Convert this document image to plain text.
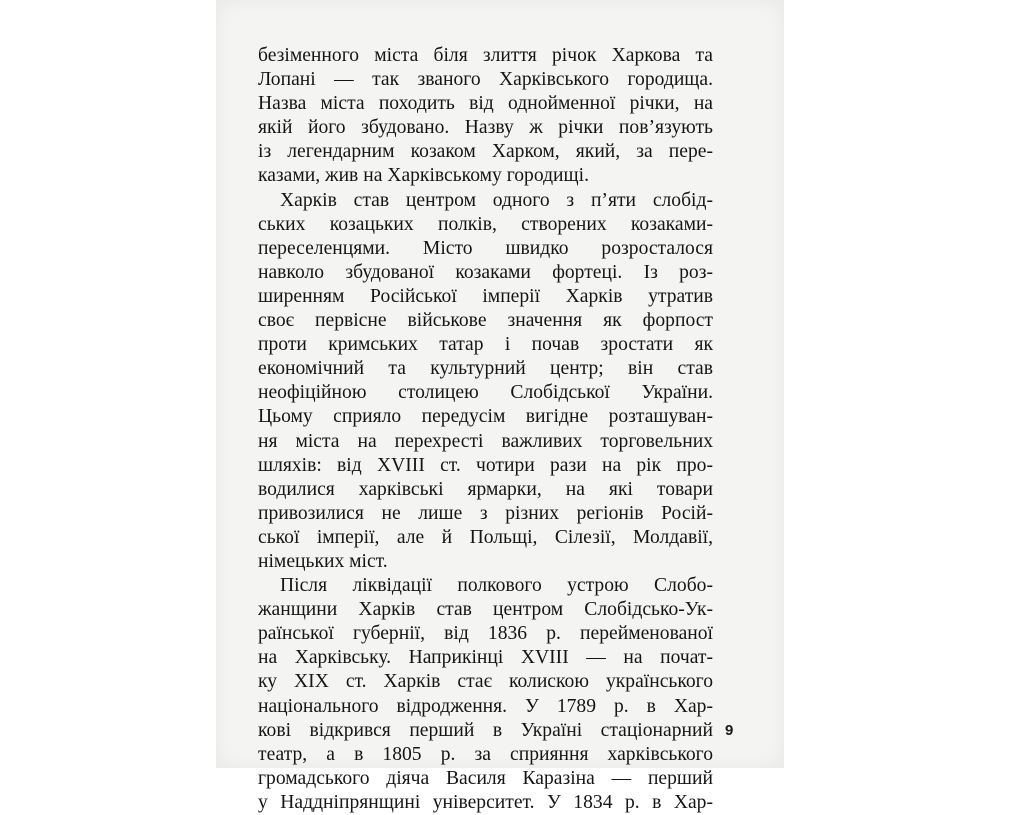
безіменного міста біля злиття річок Харкова та
Лопані — так званого Харківського городища.
Назва міста походить від однойменної річки, на
якій його збудовано. Назву ж річки пов’язують
із легендарним козаком Харком, який, за пере-
казами, жив на Харківському городищі.
Харків став центром одного з п’яти слобід-
ських козацьких полків, створених козаками-
переселенцями. Місто швидко розросталося
навколо збудованої козаками фортеці. Із роз-
ширенням Російської імперії Харків утратив
своє первісне військове значення як форпост
проти кримських татар і почав зростати як
економічний та культурний центр; він став
неофіційною столицею Слобідської України.
Цьому сприяло передусім вигідне розташуван-
ня міста на перехресті важливих торговельних
шляхів: від XVIII ст. чотири рази на рік про-
водилися харківські ярмарки, на які товари
привозилися не лише з різних регіонів Росій-
ської імперії, але й Польщі, Сілезії, Молдавії,
німецьких міст.
Після ліквідації полкового устрою Слобо-
жанщини Харків став центром Слобідсько-Ук-
раїнської губернії, від 1836 р. перейменованої
на Харківську. Наприкінці XVIII — на почат-
ку XIX ст. Харків стає колискою українського
національного відродження. У 1789 р. в Хар-
кові відкрився перший в Україні стаціонарний
театр, а в 1805 р. за сприяння харківського
громадського діяча Василя Каразіна — перший
у Наддніпрянщині університет. У 1834 р. в Хар-
9
